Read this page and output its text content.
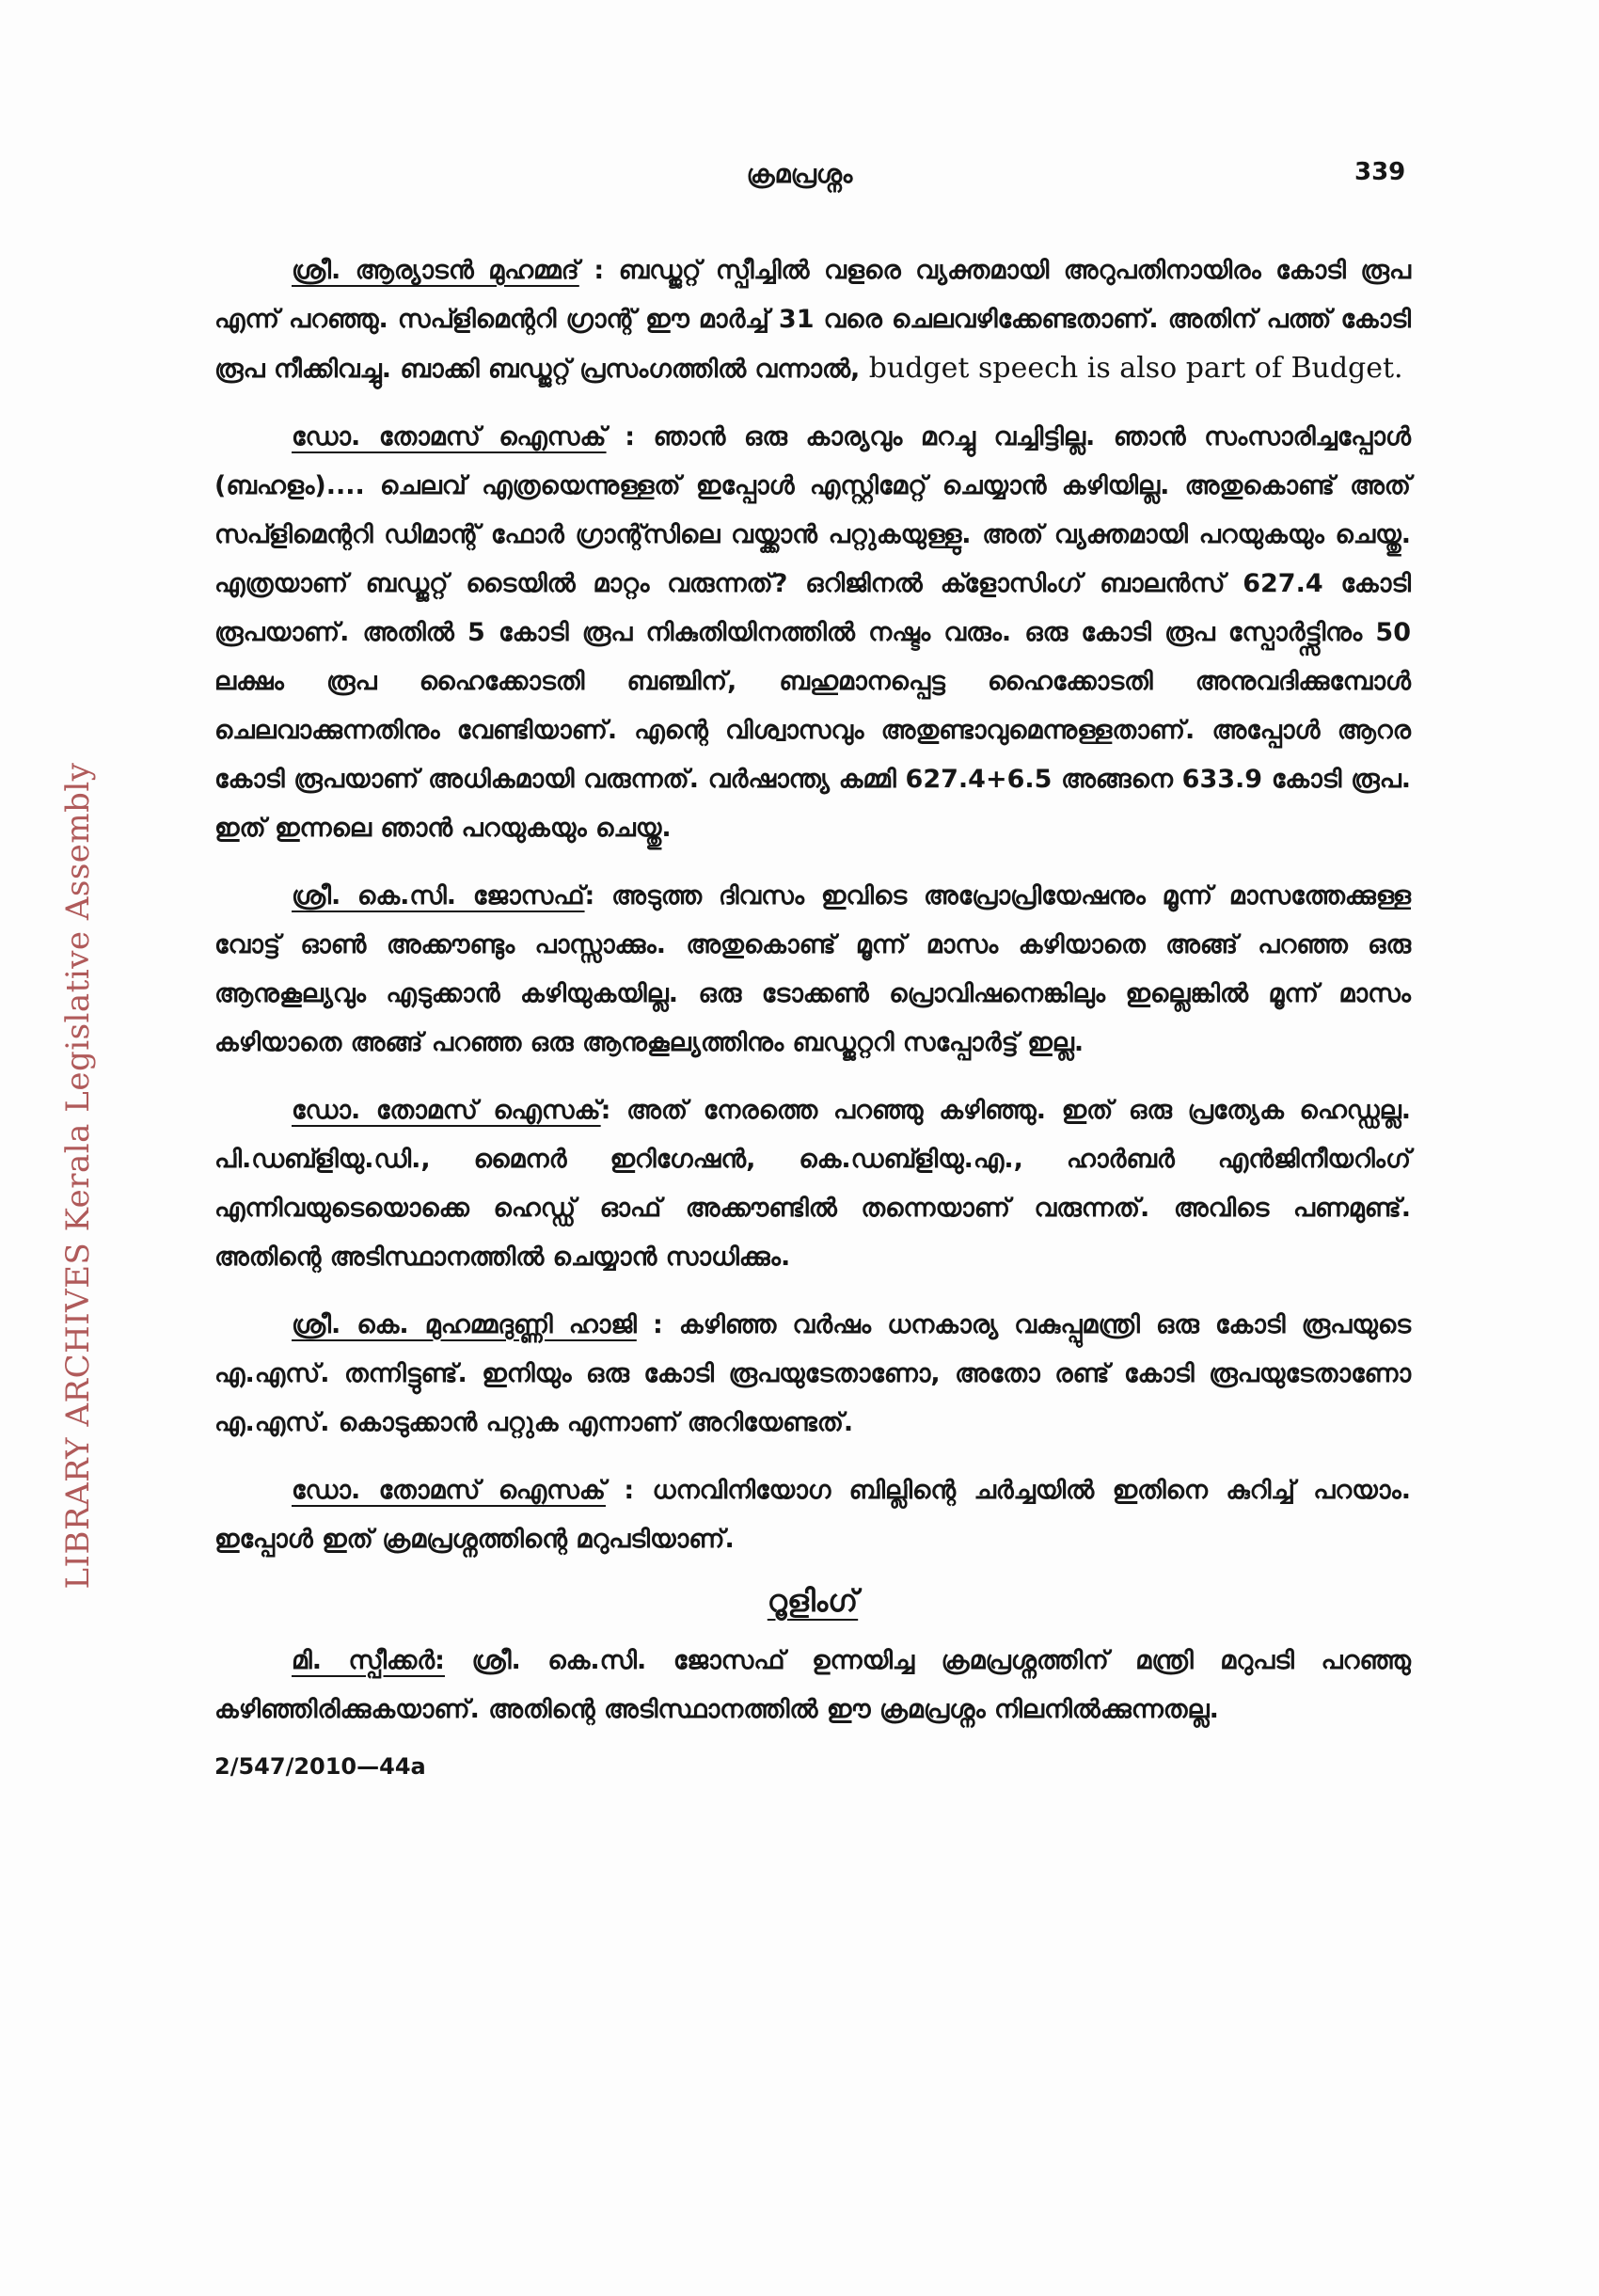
ക്രമപ്രശ്നം	339
LIBRARY ARCHIVES Kerala Legislative Assembly

ശ്രീ. ആര്യാടൻ മുഹമ്മദ് : ബഡ്ജറ്റ് സ്പീച്ചിൽ വളരെ വ്യക്തമായി അറുപതിനായിരം കോടി രൂപ എന്ന് പറഞ്ഞു. സപ്ളിമെന്ററി ഗ്രാന്റ് ഈ മാർച്ച് 31 വരെ ചെലവഴിക്കേണ്ടതാണ്. അതിന് പത്ത് കോടി രൂപ നീക്കിവച്ചു. ബാക്കി ബഡ്ജറ്റ് പ്രസംഗത്തിൽ വന്നാൽ, budget speech is also part of Budget.

ഡോ. തോമസ് ഐസക് : ഞാൻ ഒരു കാര്യവും മറച്ചു വച്ചിട്ടില്ല. ഞാൻ സംസാരിച്ചപ്പോൾ (ബഹളം).... ചെലവ് എത്രയെന്നുള്ളത് ഇപ്പോൾ എസ്റ്റിമേറ്റ് ചെയ്യാൻ കഴിയില്ല. അതുകൊണ്ട് അത് സപ്ളിമെന്ററി ഡിമാന്റ് ഫോർ ഗ്രാന്റ്സിലെ വയ്ക്കാൻ പറ്റുകയുള്ളു. അത് വ്യക്തമായി പറയുകയും ചെയ്തു. എത്രയാണ് ബഡ്ജറ്റ് ടൈയിൽ മാറ്റം വരുന്നത്? ഒറിജിനൽ ക്ളോസിംഗ് ബാലൻസ് 627.4 കോടി രൂപയാണ്. അതിൽ 5 കോടി രൂപ നികുതിയിനത്തിൽ നഷ്ടം വരും. ഒരു കോടി രൂപ സ്പോർട്ട്സിനും 50 ലക്ഷം രൂപ ഹൈക്കോടതി ബഞ്ചിന്, ബഹുമാനപ്പെട്ട ഹൈക്കോടതി അനുവദിക്കുമ്പോൾ ചെലവാക്കുന്നതിനും വേണ്ടിയാണ്. എന്റെ വിശ്വാസവും അതുണ്ടാവുമെന്നുള്ളതാണ്. അപ്പോൾ ആറര കോടി രൂപയാണ് അധികമായി വരുന്നത്. വർഷാന്ത്യ കമ്മി 627.4+6.5 അങ്ങനെ 633.9 കോടി രൂപ. ഇത് ഇന്നലെ ഞാൻ പറയുകയും ചെയ്തു.

ശ്രീ. കെ.സി. ജോസഫ്: അടുത്ത ദിവസം ഇവിടെ അപ്രോപ്രിയേഷനും മൂന്ന് മാസത്തേക്കുള്ള വോട്ട് ഓൺ അക്കൗണ്ടും പാസ്സാക്കും. അതുകൊണ്ട് മൂന്ന് മാസം കഴിയാതെ അങ്ങ് പറഞ്ഞ ഒരു ആനുകൂല്യവും എടുക്കാൻ കഴിയുകയില്ല. ഒരു ടോക്കൺ പ്രൊവിഷനെങ്കിലും ഇല്ലെങ്കിൽ മൂന്ന് മാസം കഴിയാതെ അങ്ങ് പറഞ്ഞ ഒരു ആനുകൂല്യത്തിനും ബഡ്ജറ്ററി സപ്പോർട്ട് ഇല്ല.

ഡോ. തോമസ് ഐസക്: അത് നേരത്തെ പറഞ്ഞു കഴിഞ്ഞു. ഇത് ഒരു പ്രത്യേക ഹെഡ്ഡല്ല. പി.ഡബ്ളിയു.ഡി., മൈനർ ഇറിഗേഷൻ, കെ.ഡബ്ളിയു.എ., ഹാർബർ എൻജിനീയറിംഗ് എന്നിവയുടെയൊക്കെ ഹെഡ്ഡ് ഓഫ് അക്കൗണ്ടിൽ തന്നെയാണ് വരുന്നത്. അവിടെ പണമുണ്ട്. അതിന്റെ അടിസ്ഥാനത്തിൽ ചെയ്യാൻ സാധിക്കും.

ശ്രീ. കെ. മുഹമ്മദുണ്ണി ഹാജി : കഴിഞ്ഞ വർഷം ധനകാര്യ വകുപ്പുമന്ത്രി ഒരു കോടി രൂപയുടെ എ.എസ്. തന്നിട്ടുണ്ട്. ഇനിയും ഒരു കോടി രൂപയുടേതാണോ, അതോ രണ്ട് കോടി രൂപയുടേതാണോ എ.എസ്. കൊടുക്കാൻ പറ്റുക എന്നാണ് അറിയേണ്ടത്.

ഡോ. തോമസ് ഐസക് : ധനവിനിയോഗ ബില്ലിന്റെ ചർച്ചയിൽ ഇതിനെ കുറിച്ച് പറയാം. ഇപ്പോൾ ഇത് ക്രമപ്രശ്നത്തിന്റെ മറുപടിയാണ്.

റൂളിംഗ്

മി. സ്പീക്കർ: ശ്രീ. കെ.സി. ജോസഫ് ഉന്നയിച്ച ക്രമപ്രശ്നത്തിന് മന്ത്രി മറുപടി പറഞ്ഞു കഴിഞ്ഞിരിക്കുകയാണ്. അതിന്റെ അടിസ്ഥാനത്തിൽ ഈ ക്രമപ്രശ്നം നിലനിൽക്കുന്നതല്ല.

2/547/2010—44a
